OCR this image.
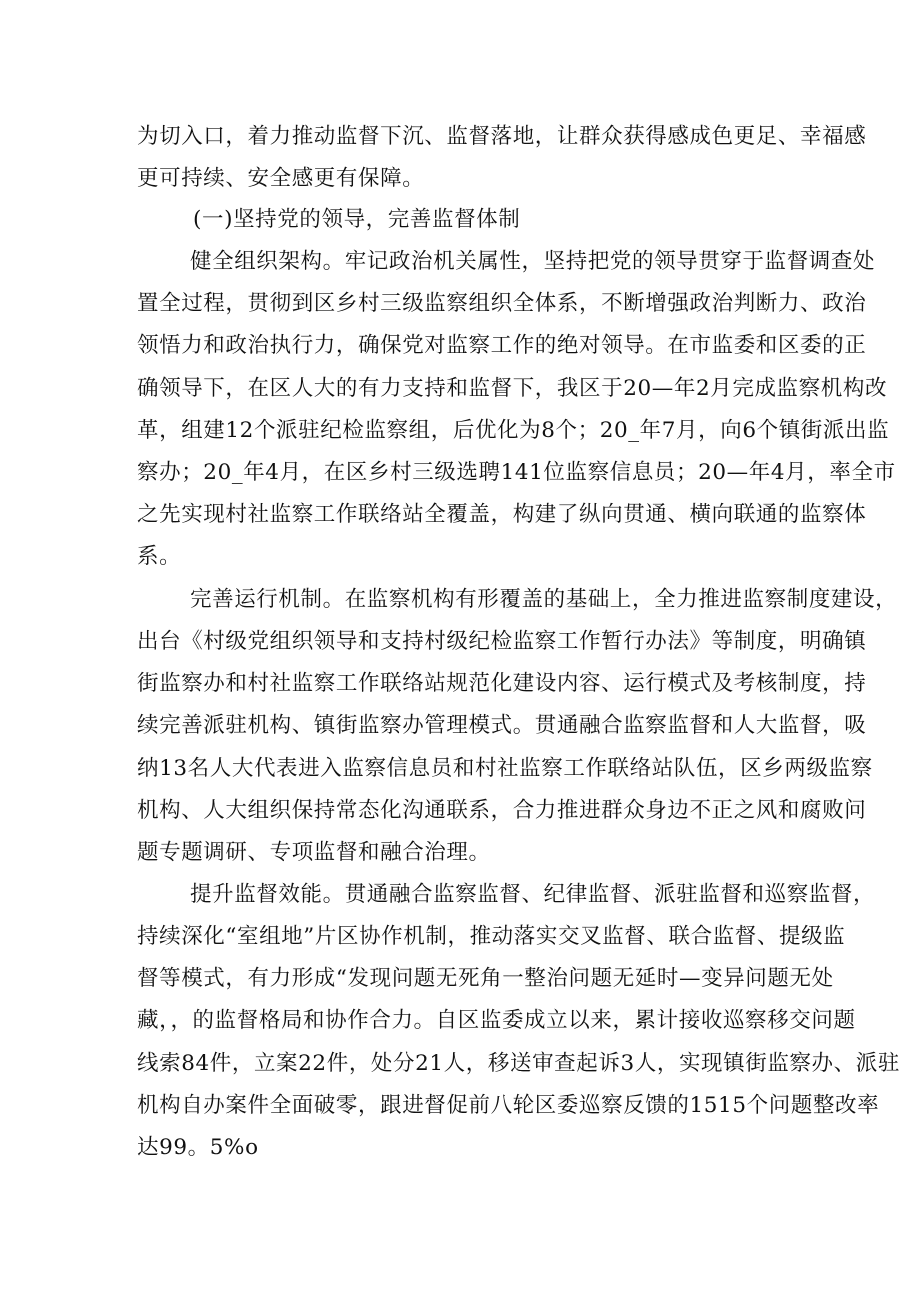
为切入口，着力推动监督下沉、监督落地，让群众获得感成色更足、幸福感
更可持续、安全感更有保障。
(一)坚持党的领导，完善监督体制
健全组织架构。牢记政治机关属性，坚持把党的领导贯穿于监督调查处
置全过程，贯彻到区乡村三级监察组织全体系，不断增强政治判断力、政治
领悟力和政治执行力，确保党对监察工作的绝对领导。在市监委和区委的正
确领导下，在区人大的有力支持和监督下，我区于20—年2月完成监察机构改
革，组建12个派驻纪检监察组，后优化为8个；20_年7月，向6个镇街派出监
察办；20_年4月，在区乡村三级选聘141位监察信息员；20—年4月，率全市
之先实现村社监察工作联络站全覆盖，构建了纵向贯通、横向联通的监察体
系。
完善运行机制。在监察机构有形覆盖的基础上，全力推进监察制度建设，
出台《村级党组织领导和支持村级纪检监察工作暂行办法》等制度，明确镇
街监察办和村社监察工作联络站规范化建设内容、运行模式及考核制度，持
续完善派驻机构、镇街监察办管理模式。贯通融合监察监督和人大监督，吸
纳13名人大代表进入监察信息员和村社监察工作联络站队伍，区乡两级监察
机构、人大组织保持常态化沟通联系，合力推进群众身边不正之风和腐败问
题专题调研、专项监督和融合治理。
提升监督效能。贯通融合监察监督、纪律监督、派驻监督和巡察监督，
持续深化“室组地”片区协作机制，推动落实交叉监督、联合监督、提级监
督等模式，有力形成“发现问题无死角一整治问题无延时—变异问题无处
藏，，的监督格局和协作合力。自区监委成立以来，累计接收巡察移交问题
线索84件，立案22件，处分21人，移送审查起诉3人，实现镇街监察办、派驻
机构自办案件全面破零，跟进督促前八轮区委巡察反馈的1515个问题整改率
达99。5%o
